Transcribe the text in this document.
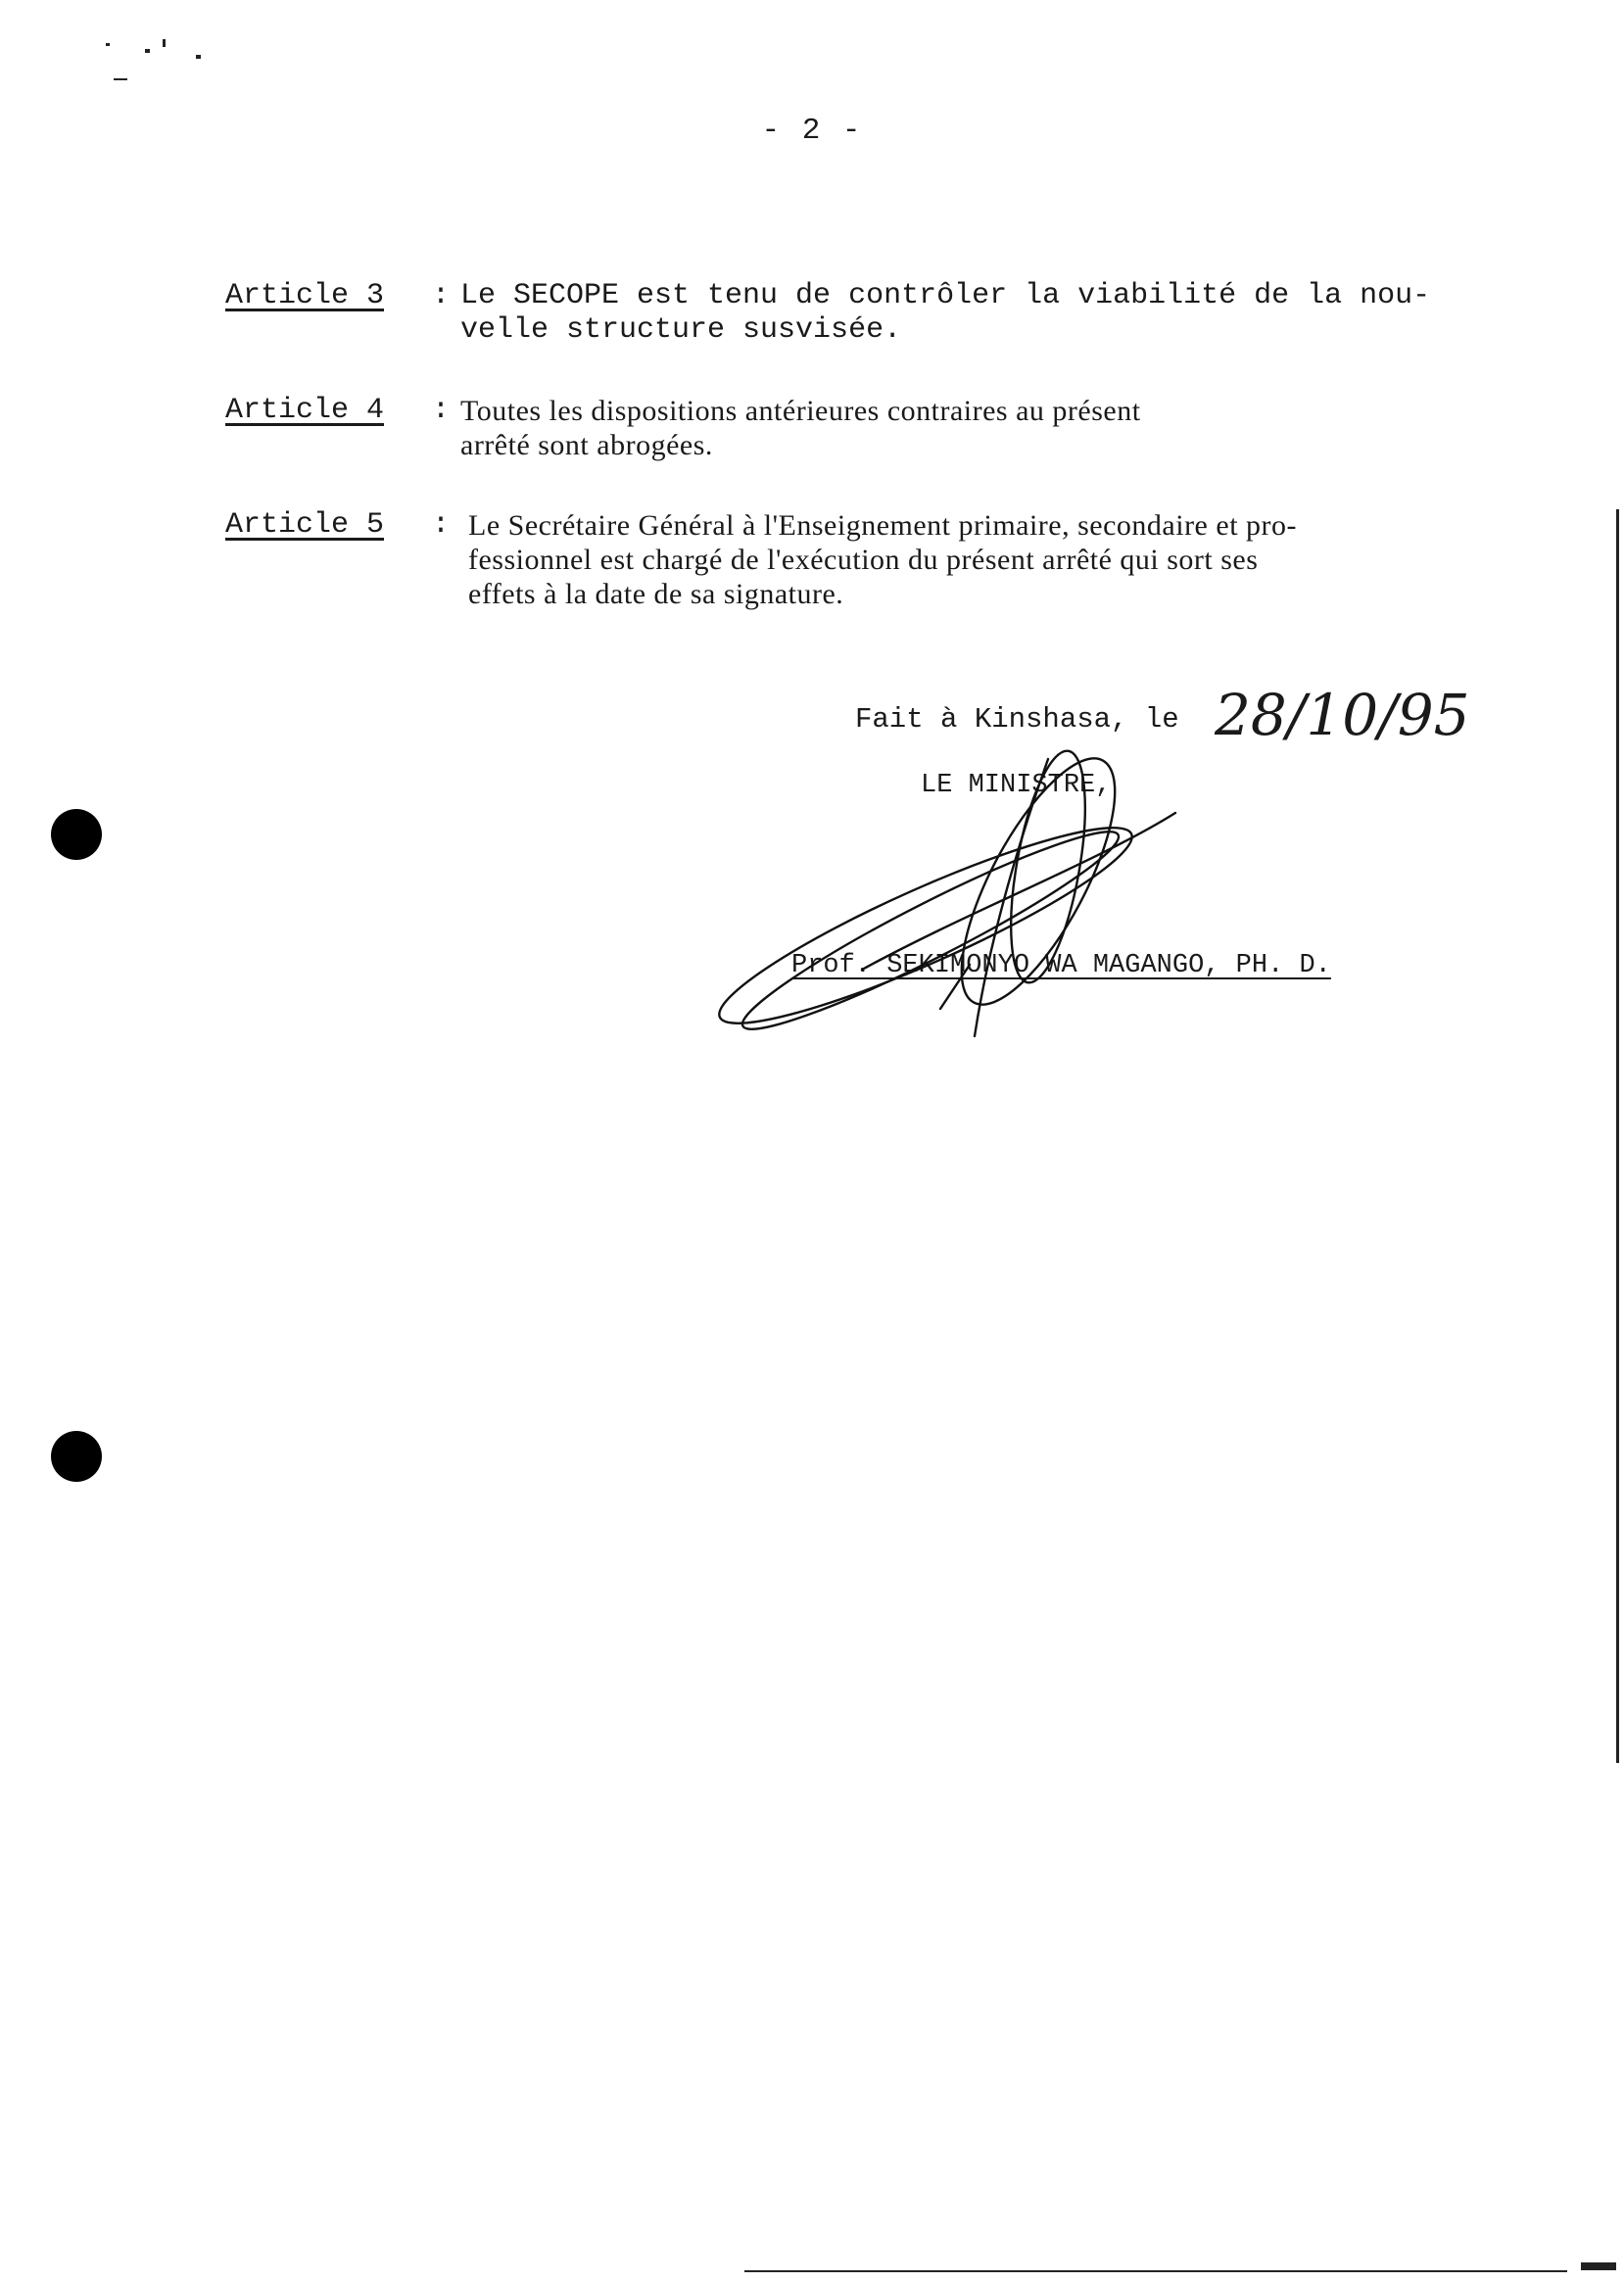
- 2 -
Article 3	: Le SECOPE est tenu de contrôler la viabilité de la nou-
velle structure susvisée.
Article 4	: Toutes les dispositions antérieures contraires au présent
arrêté sont abrogées.
Article 5	: Le Secrétaire Général à l'Enseignement primaire, secondaire et pro-
fessionnel est chargé de l'exécution du présent arrêté qui sort ses
effets à la date de sa signature.
Fait à Kinshasa, le 28/10/95
LE MINISTRE,
Prof. SEKIMONYO WA MAGANGO, PH. D.
